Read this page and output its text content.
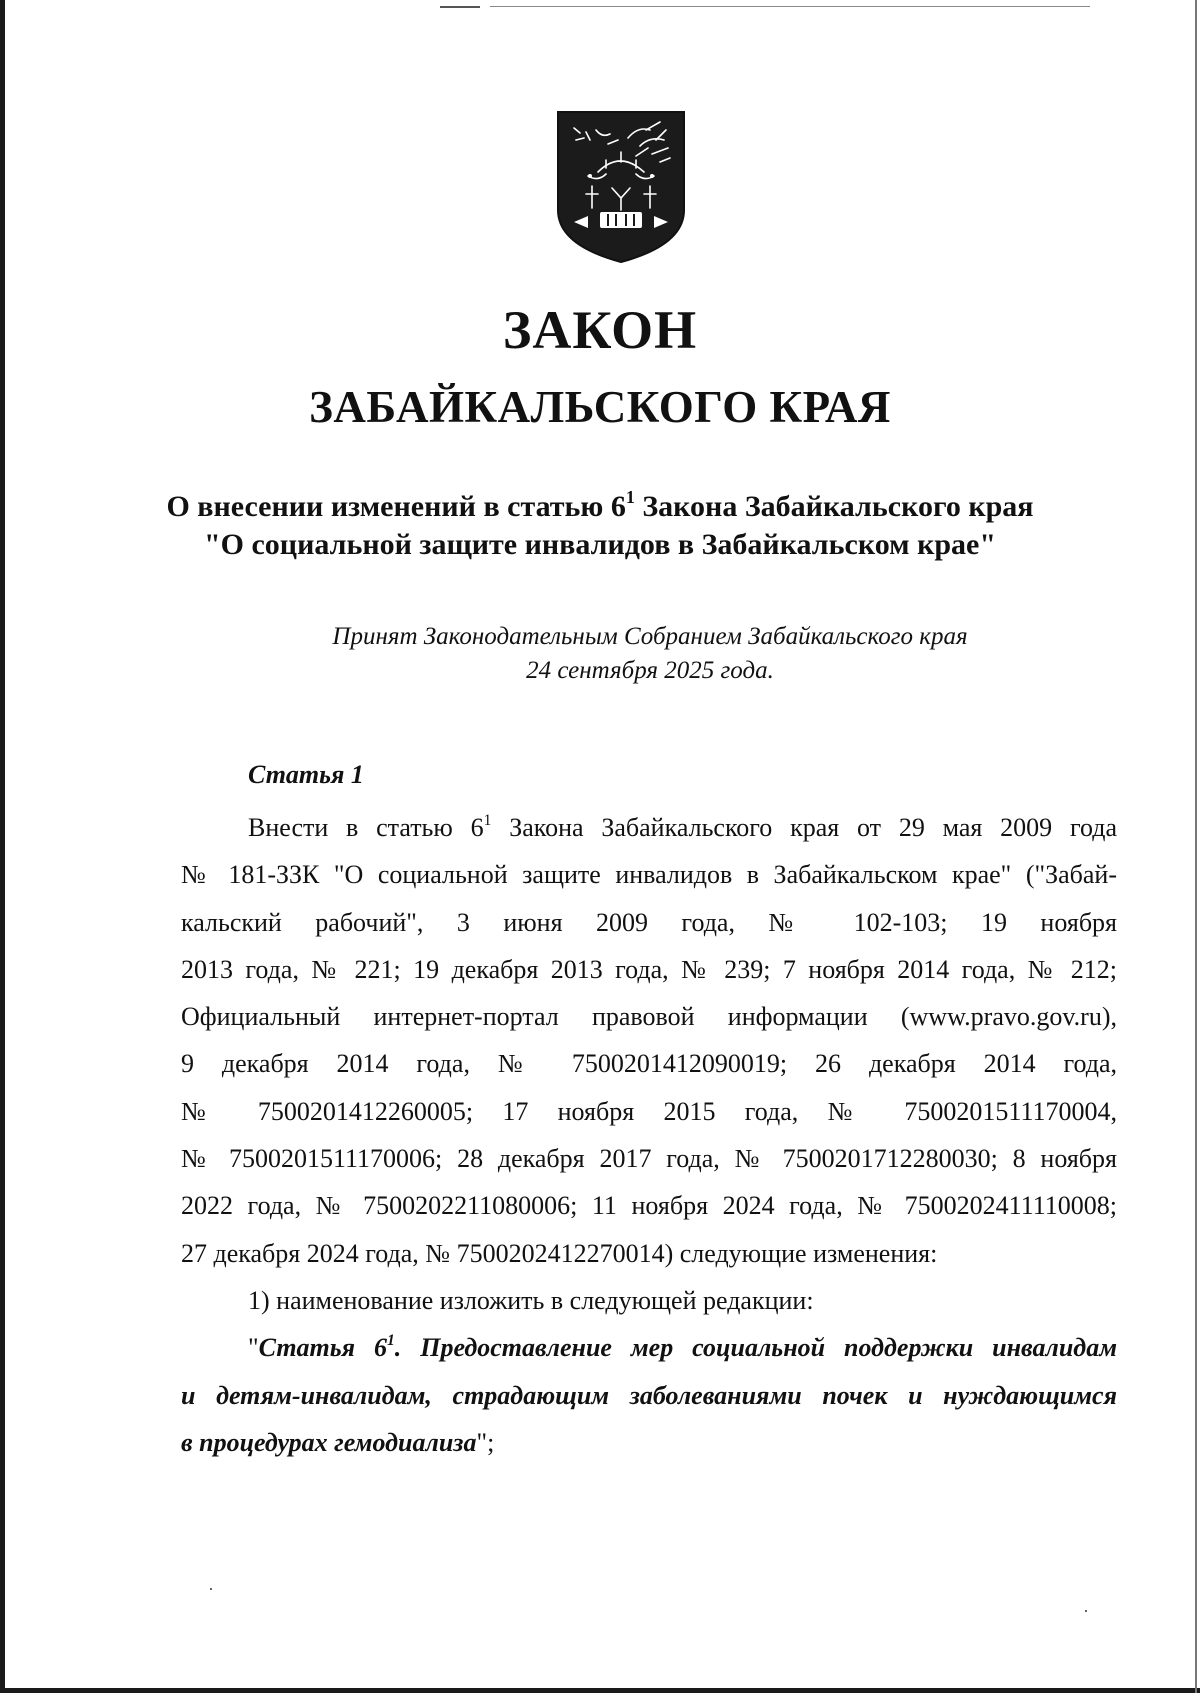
ЗАКОН
ЗАБАЙКАЛЬСКОГО КРАЯ
О внесении изменений в статью $6^1$ Закона Забайкальского края
"О социальной защите инвалидов в Забайкальском крае"
Принят Законодательным Собранием Забайкальского края
24 сентября 2025 года.
Статья 1
Внести в статью $6^1$ Закона Забайкальского края от 29 мая 2009 года
№ 181-ЗЗК "О социальной защите инвалидов в Забайкальском крае" ("Забай-
кальский рабочий", 3 июня 2009 года, № 102-103; 19 ноября
2013 года, № 221; 19 декабря 2013 года, № 239; 7 ноября 2014 года, № 212;
Официальный интернет-портал правовой информации (www.pravo.gov.ru),
9 декабря 2014 года, № 7500201412090019; 26 декабря 2014 года,
№ 7500201412260005; 17 ноября 2015 года, № 7500201511170004,
№ 7500201511170006; 28 декабря 2017 года, № 7500201712280030; 8 ноября
2022 года, № 7500202211080006; 11 ноября 2024 года, № 7500202411110008;
27 декабря 2024 года, № 7500202412270014) следующие изменения:
1) наименование изложить в следующей редакции:
"Статья $6^1$. Предоставление мер социальной поддержки инвалидам
и детям-инвалидам, страдающим заболеваниями почек и нуждающимся
в процедурах гемодиализа";
